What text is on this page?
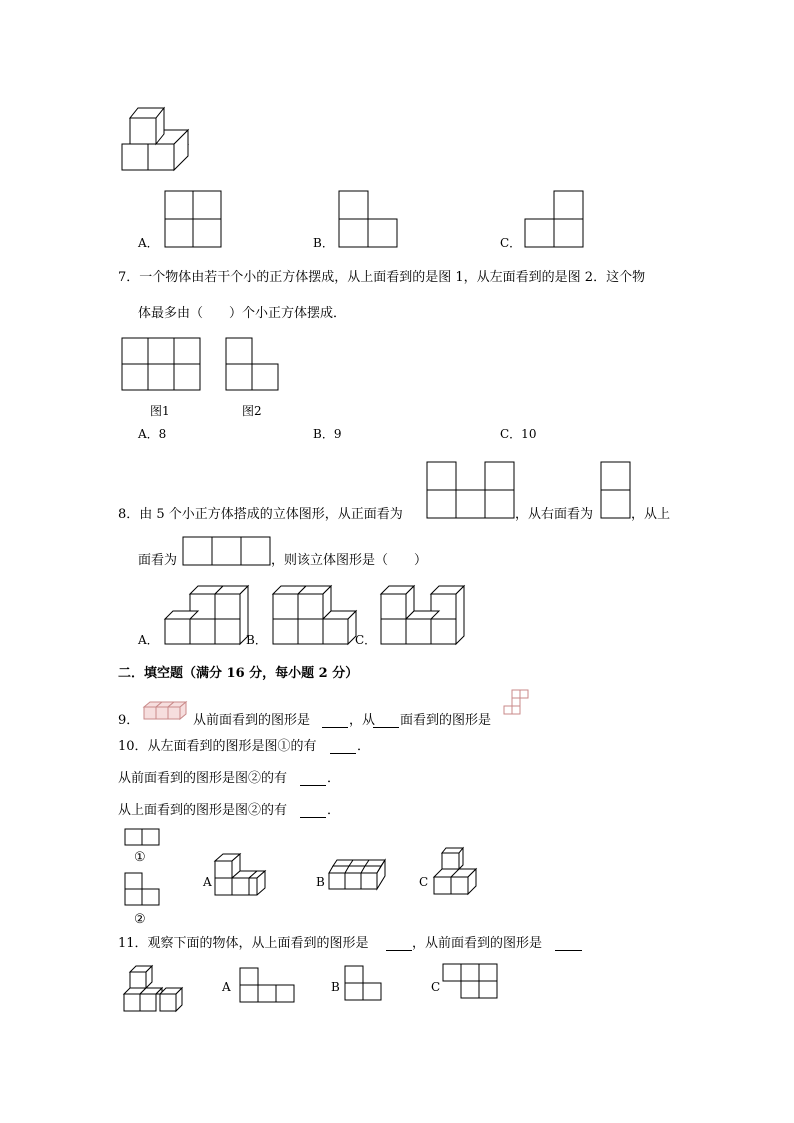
A．	B．	C．
7．一个物体由若干个小的正方体摆成，从上面看到的是图 1，从左面看到的是图 2．这个物
体最多由（　　）个小正方体摆成．
图1	图2
A．8	B．9	C．10
8．由 5 个小正方体搭成的立体图形，从正面看为	，从右面看为	，从上
面看为	，则该立体图形是（　　）
A．	B．	C．
二．填空题（满分 16 分，每小题 2 分）
9．	从前面看到的图形是	，从 面看到的图形是
10．从左面看到的图形是图①的有	．
从前面看到的图形是图②的有	．
从上面看到的图形是图②的有	．
①
②
A	B	C
11．观察下面的物体，从上面看到的图形是	，从前面看到的图形是
A	B	C
